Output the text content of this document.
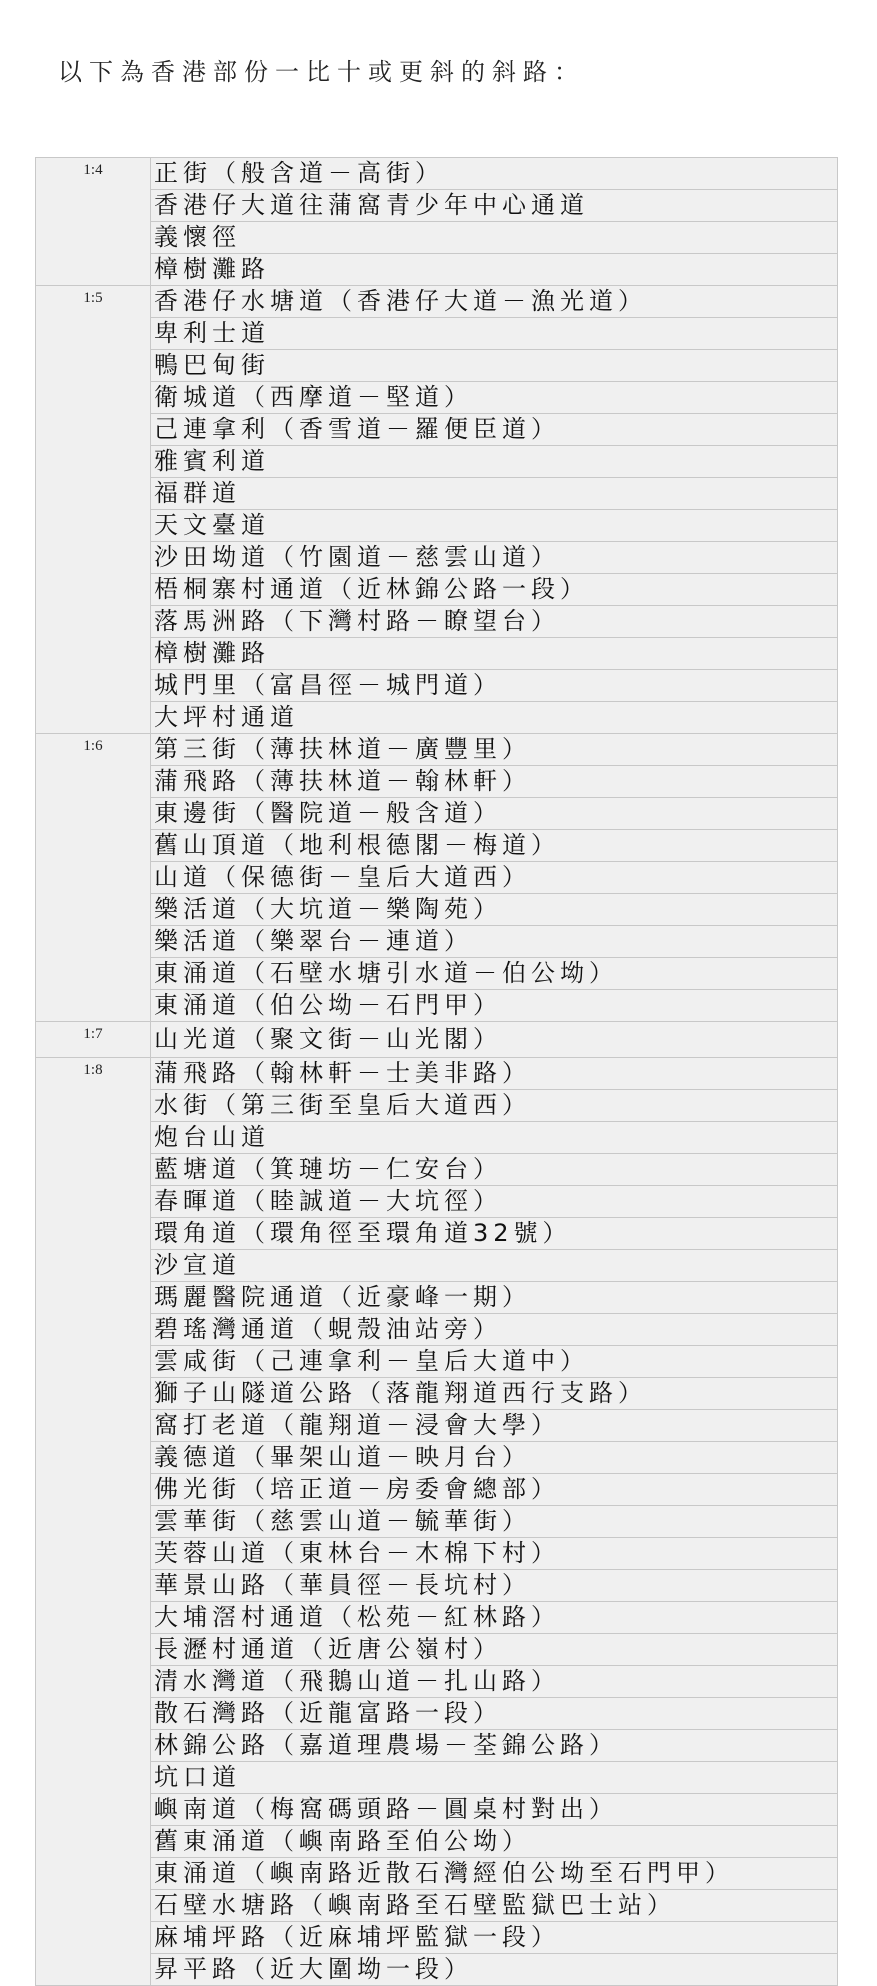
以下為香港部份一比十或更斜的斜路：
1:4	正街（般含道－高街）
	香港仔大道往蒲窩青少年中心通道
	義懷徑
	樟樹灘路
1:5	香港仔水塘道（香港仔大道－漁光道）
	卑利士道
	鴨巴甸街
	衛城道（西摩道－堅道）
	己連拿利（香雪道－羅便臣道）
	雅賓利道
	福群道
	天文臺道
	沙田坳道（竹園道－慈雲山道）
	梧桐寨村通道（近林錦公路一段）
	落馬洲路（下灣村路－瞭望台）
	樟樹灘路
	城門里（富昌徑－城門道）
	大坪村通道
1:6	第三街（薄扶林道－廣豐里）
	蒲飛路（薄扶林道－翰林軒）
	東邊街（醫院道－般含道）
	舊山頂道（地利根德閣－梅道）
	山道（保德街－皇后大道西）
	樂活道（大坑道－樂陶苑）
	樂活道（樂翠台－連道）
	東涌道（石壁水塘引水道－伯公坳）
	東涌道（伯公坳－石門甲）
1:7	山光道（聚文街－山光閣）
1:8	蒲飛路（翰林軒－士美非路）
	水街（第三街至皇后大道西）
	炮台山道
	藍塘道（箕璉坊－仁安台）
	春暉道（睦誠道－大坑徑）
	環角道（環角徑至環角道32號）
	沙宣道
	瑪麗醫院通道（近豪峰一期）
	碧瑤灣通道（蜆殼油站旁）
	雲咸街（己連拿利－皇后大道中）
	獅子山隧道公路（落龍翔道西行支路）
	窩打老道（龍翔道－浸會大學）
	義德道（畢架山道－映月台）
	佛光街（培正道－房委會總部）
	雲華街（慈雲山道－毓華街）
	芙蓉山道（東林台－木棉下村）
	華景山路（華員徑－長坑村）
	大埔滘村通道（松苑－紅林路）
	長瀝村通道（近唐公嶺村）
	清水灣道（飛鵝山道－扎山路）
	散石灣路（近龍富路一段）
	林錦公路（嘉道理農場－荃錦公路）
	坑口道
	嶼南道（梅窩碼頭路－圓桌村對出）
	舊東涌道（嶼南路至伯公坳）
	東涌道（嶼南路近散石灣經伯公坳至石門甲）
	石壁水塘路（嶼南路至石壁監獄巴士站）
	麻埔坪路（近麻埔坪監獄一段）
	昇平路（近大圍坳一段）
